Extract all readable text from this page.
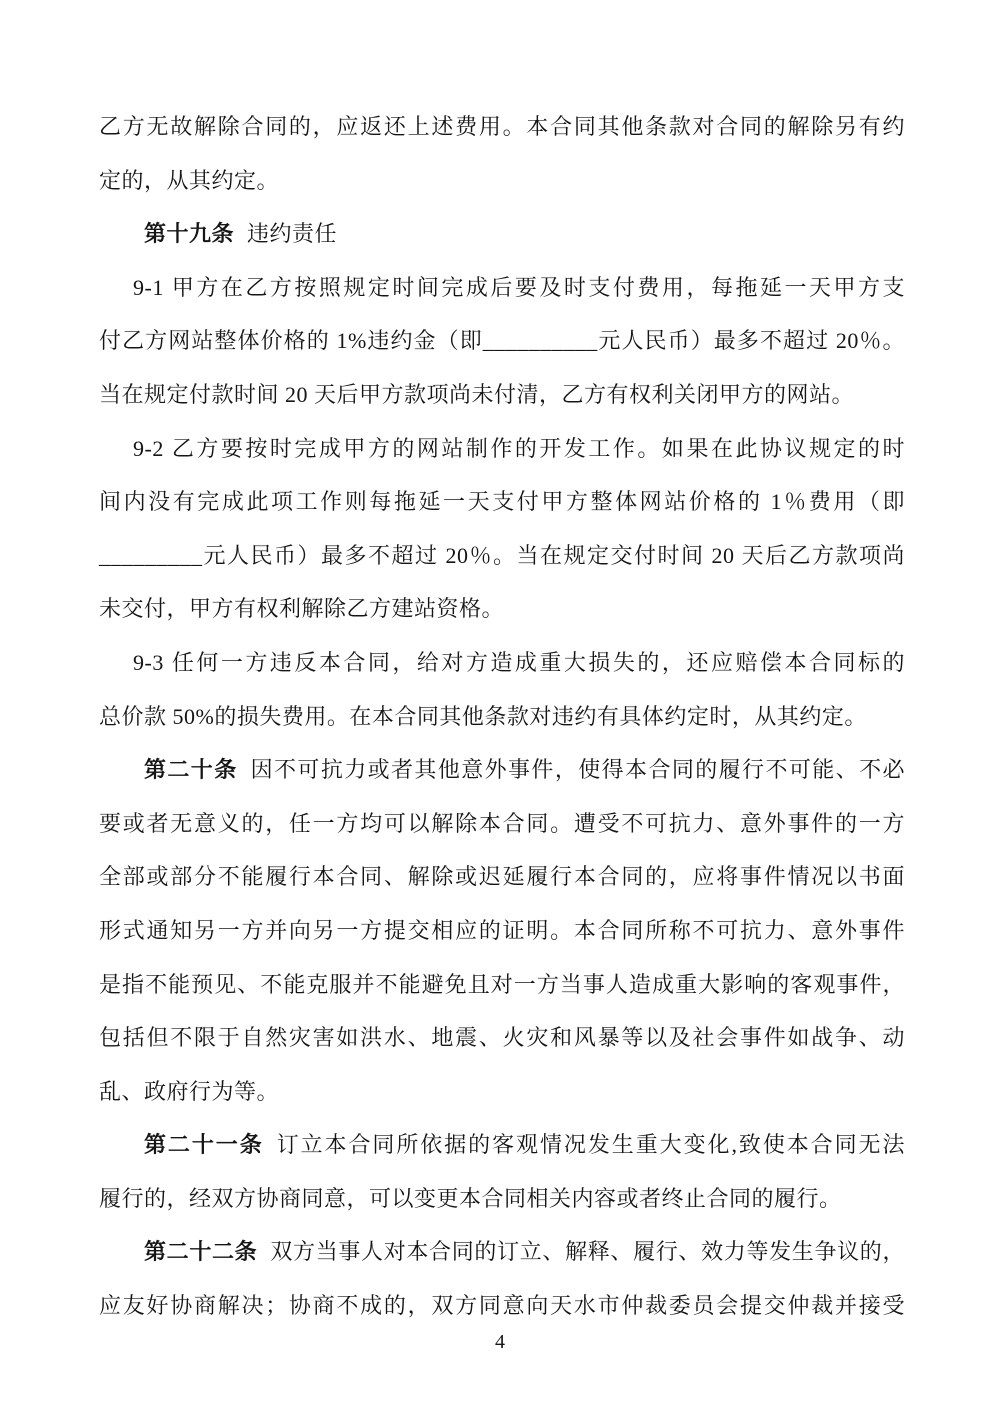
乙方无故解除合同的，应返还上述费用。本合同其他条款对合同的解除另有约
定的，从其约定。
第十九条 违约责任
9-1 甲方在乙方按照规定时间完成后要及时支付费用，每拖延一天甲方支
付乙方网站整体价格的 1%违约金（即__________元人民币）最多不超过 20％。
当在规定付款时间 20 天后甲方款项尚未付清，乙方有权利关闭甲方的网站。
9-2 乙方要按时完成甲方的网站制作的开发工作。如果在此协议规定的时
间内没有完成此项工作则每拖延一天支付甲方整体网站价格的 1％费用（即
_________元人民币）最多不超过 20％。当在规定交付时间 20 天后乙方款项尚
未交付，甲方有权利解除乙方建站资格。
9-3 任何一方违反本合同，给对方造成重大损失的，还应赔偿本合同标的
总价款 50%的损失费用。在本合同其他条款对违约有具体约定时，从其约定。
第二十条 因不可抗力或者其他意外事件，使得本合同的履行不可能、不必
要或者无意义的，任一方均可以解除本合同。遭受不可抗力、意外事件的一方
全部或部分不能履行本合同、解除或迟延履行本合同的，应将事件情况以书面
形式通知另一方并向另一方提交相应的证明。本合同所称不可抗力、意外事件
是指不能预见、不能克服并不能避免且对一方当事人造成重大影响的客观事件，
包括但不限于自然灾害如洪水、地震、火灾和风暴等以及社会事件如战争、动
乱、政府行为等。
第二十一条 订立本合同所依据的客观情况发生重大变化,致使本合同无法
履行的，经双方协商同意，可以变更本合同相关内容或者终止合同的履行。
第二十二条 双方当事人对本合同的订立、解释、履行、效力等发生争议的，
应友好协商解决；协商不成的，双方同意向天水市仲裁委员会提交仲裁并接受
4
